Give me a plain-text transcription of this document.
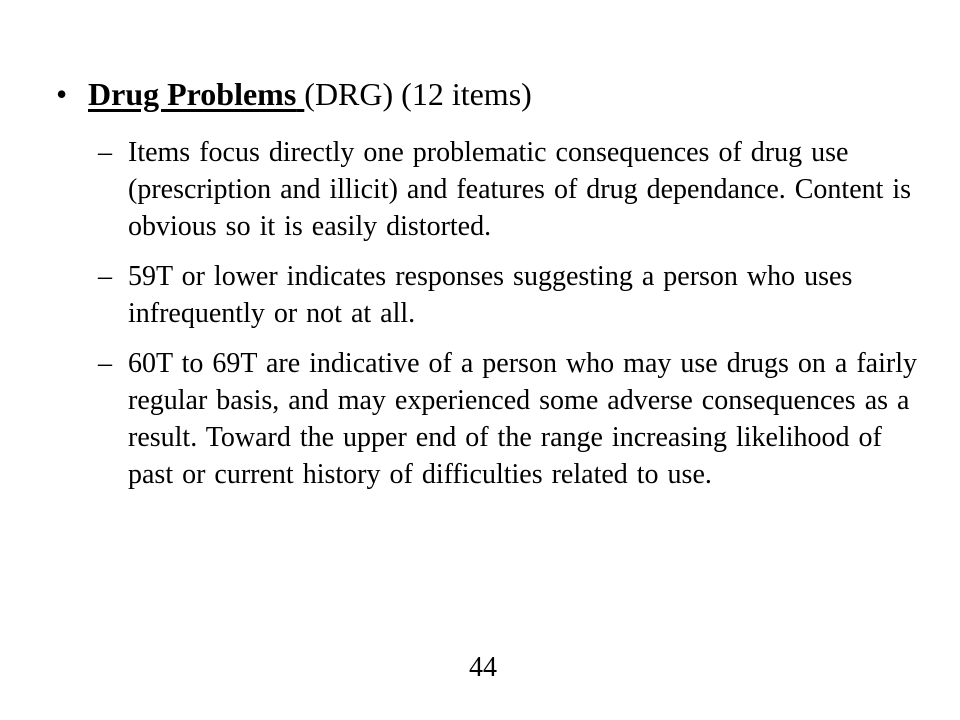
• Drug Problems
(DRG) (12 items)
– Items focus directly one problematic consequences of drug use (prescription and illicit) and features of drug dependance. Content is obvious so it is easily distorted.
– 59T or lower indicates responses suggesting a person who uses infrequently or not at all.
– 60T to 69T are indicative of a person who may use drugs on a fairly regular basis, and may experienced some adverse consequences as a result. Toward the upper end of the range increasing likelihood of past or current history of difficulties related to use.
44
